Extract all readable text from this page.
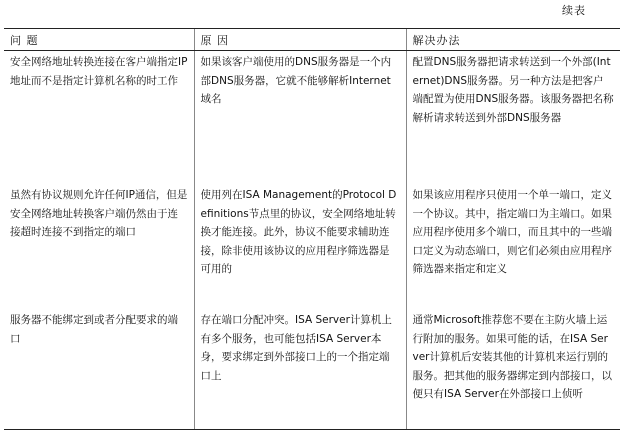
续表
问 题	原 因	解决办法
安全网络地址转换连接在客户端指定IP地址而不是指定计算机名称的时工作	如果该客户端使用的DNS服务器是一个内部DNS服务器，它就不能够解析Internet域名	配置DNS服务器把请求转送到一个外部(Internet)DNS服务器。另一种方法是把客户端配置为使用DNS服务器。该服务器把名称解析请求转送到外部DNS服务器
虽然有协议规则允许任何IP通信，但是安全网络地址转换客户端仍然由于连接超时连接不到指定的端口	使用列在ISA Management的Protocol Definitions节点里的协议，安全网络地址转换才能连接。此外，协议不能要求辅助连接，除非使用该协议的应用程序筛选器是可用的	如果该应用程序只使用一个单一端口，定义一个协议。其中，指定端口为主端口。如果应用程序使用多个端口，而且其中的一些端口定义为动态端口，则它们必须由应用程序筛选器来指定和定义
服务器不能绑定到或者分配要求的端口	存在端口分配冲突。ISA Server计算机上有多个服务，也可能包括ISA Server本身，要求绑定到外部接口上的一个指定端口上	通常Microsoft推荐您不要在主防火墙上运行附加的服务。如果可能的话，在ISA Server计算机后安装其他的计算机来运行别的服务。把其他的服务器绑定到内部接口，以便只有ISA Server在外部接口上侦听
